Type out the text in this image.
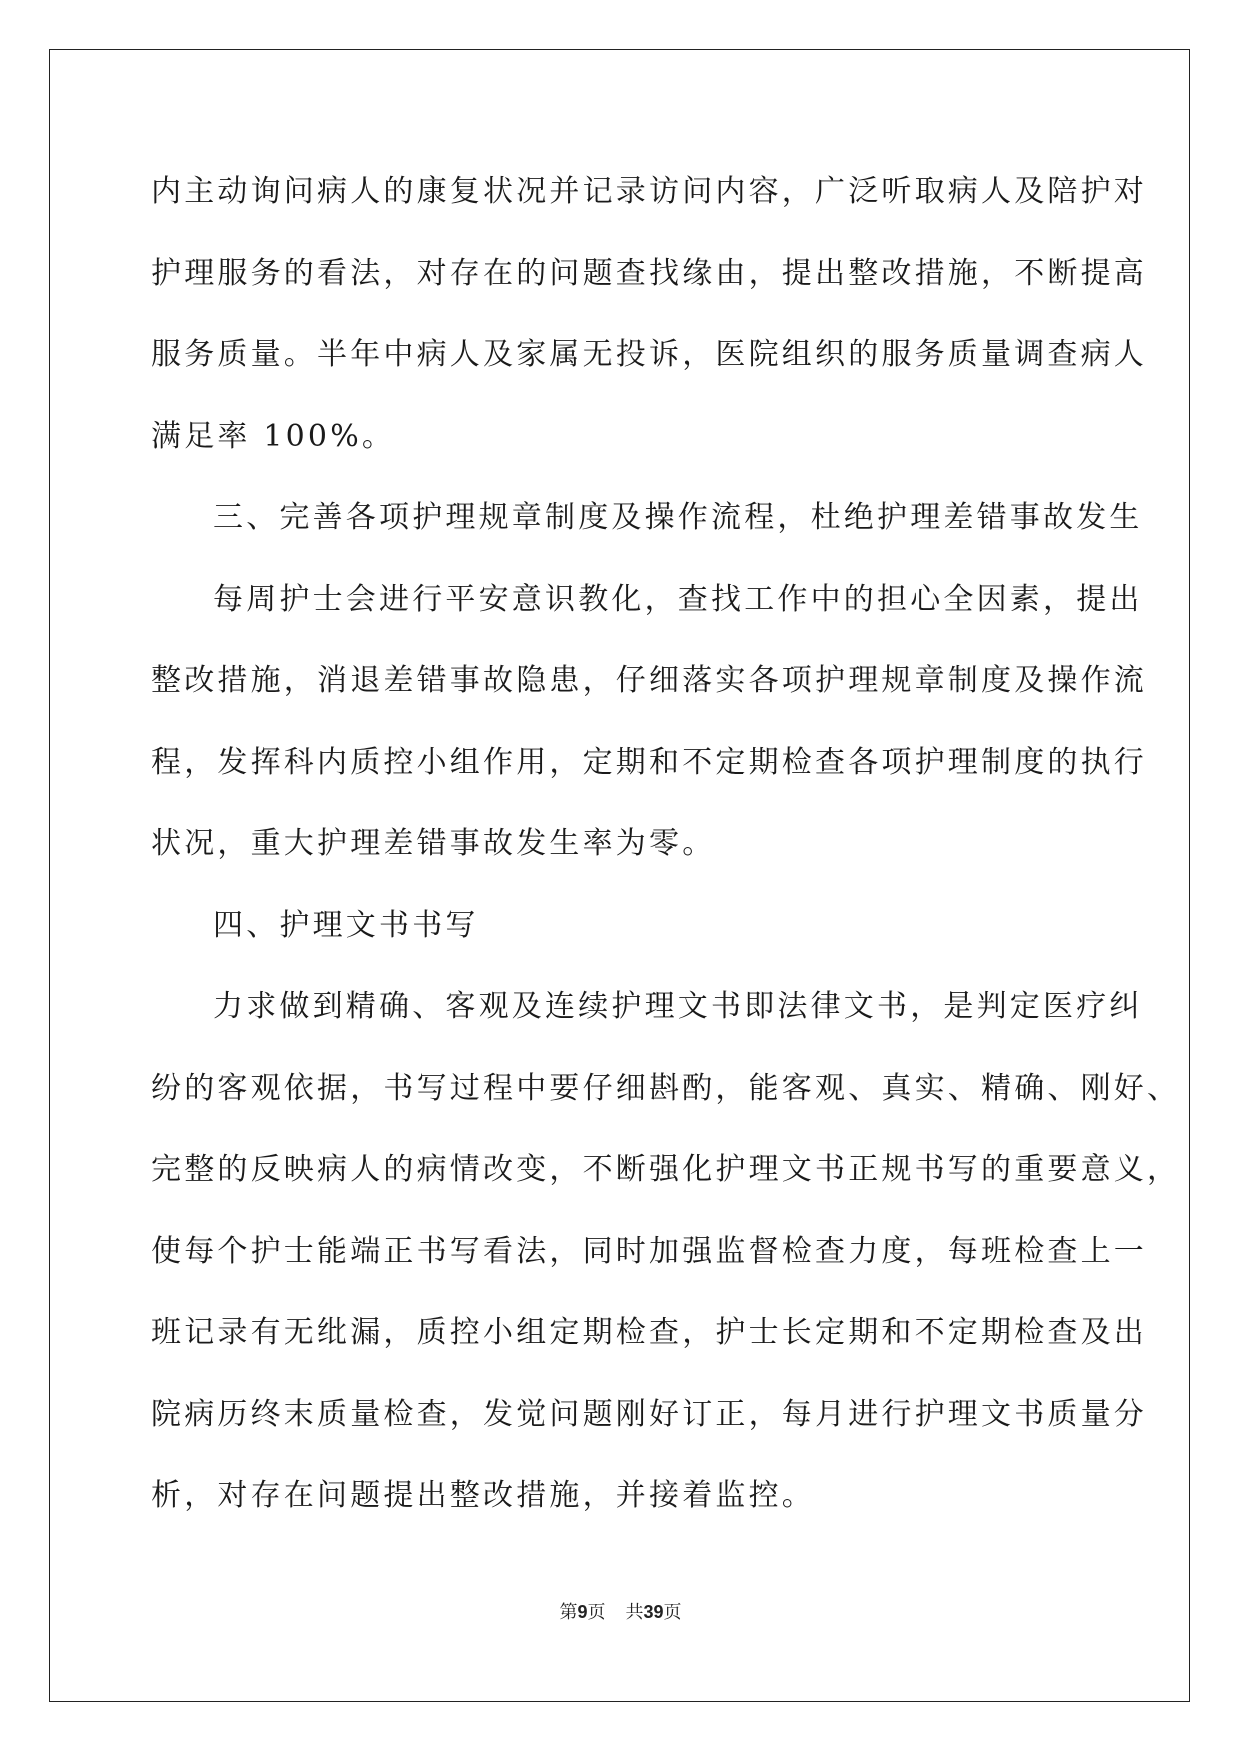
内主动询问病人的康复状况并记录访问内容，广泛听取病人及陪护对
护理服务的看法，对存在的问题查找缘由，提出整改措施，不断提高
服务质量。半年中病人及家属无投诉，医院组织的服务质量调查病人
满足率 100%。
三、完善各项护理规章制度及操作流程，杜绝护理差错事故发生
每周护士会进行平安意识教化，查找工作中的担心全因素，提出
整改措施，消退差错事故隐患，仔细落实各项护理规章制度及操作流
程，发挥科内质控小组作用，定期和不定期检查各项护理制度的执行
状况，重大护理差错事故发生率为零。
四、护理文书书写
力求做到精确、客观及连续护理文书即法律文书，是判定医疗纠
纷的客观依据，书写过程中要仔细斟酌，能客观、真实、精确、刚好、
完整的反映病人的病情改变，不断强化护理文书正规书写的重要意义，
使每个护士能端正书写看法，同时加强监督检查力度，每班检查上一
班记录有无纰漏，质控小组定期检查，护士长定期和不定期检查及出
院病历终末质量检查，发觉问题刚好订正，每月进行护理文书质量分
析，对存在问题提出整改措施，并接着监控。
第9页 共39页
